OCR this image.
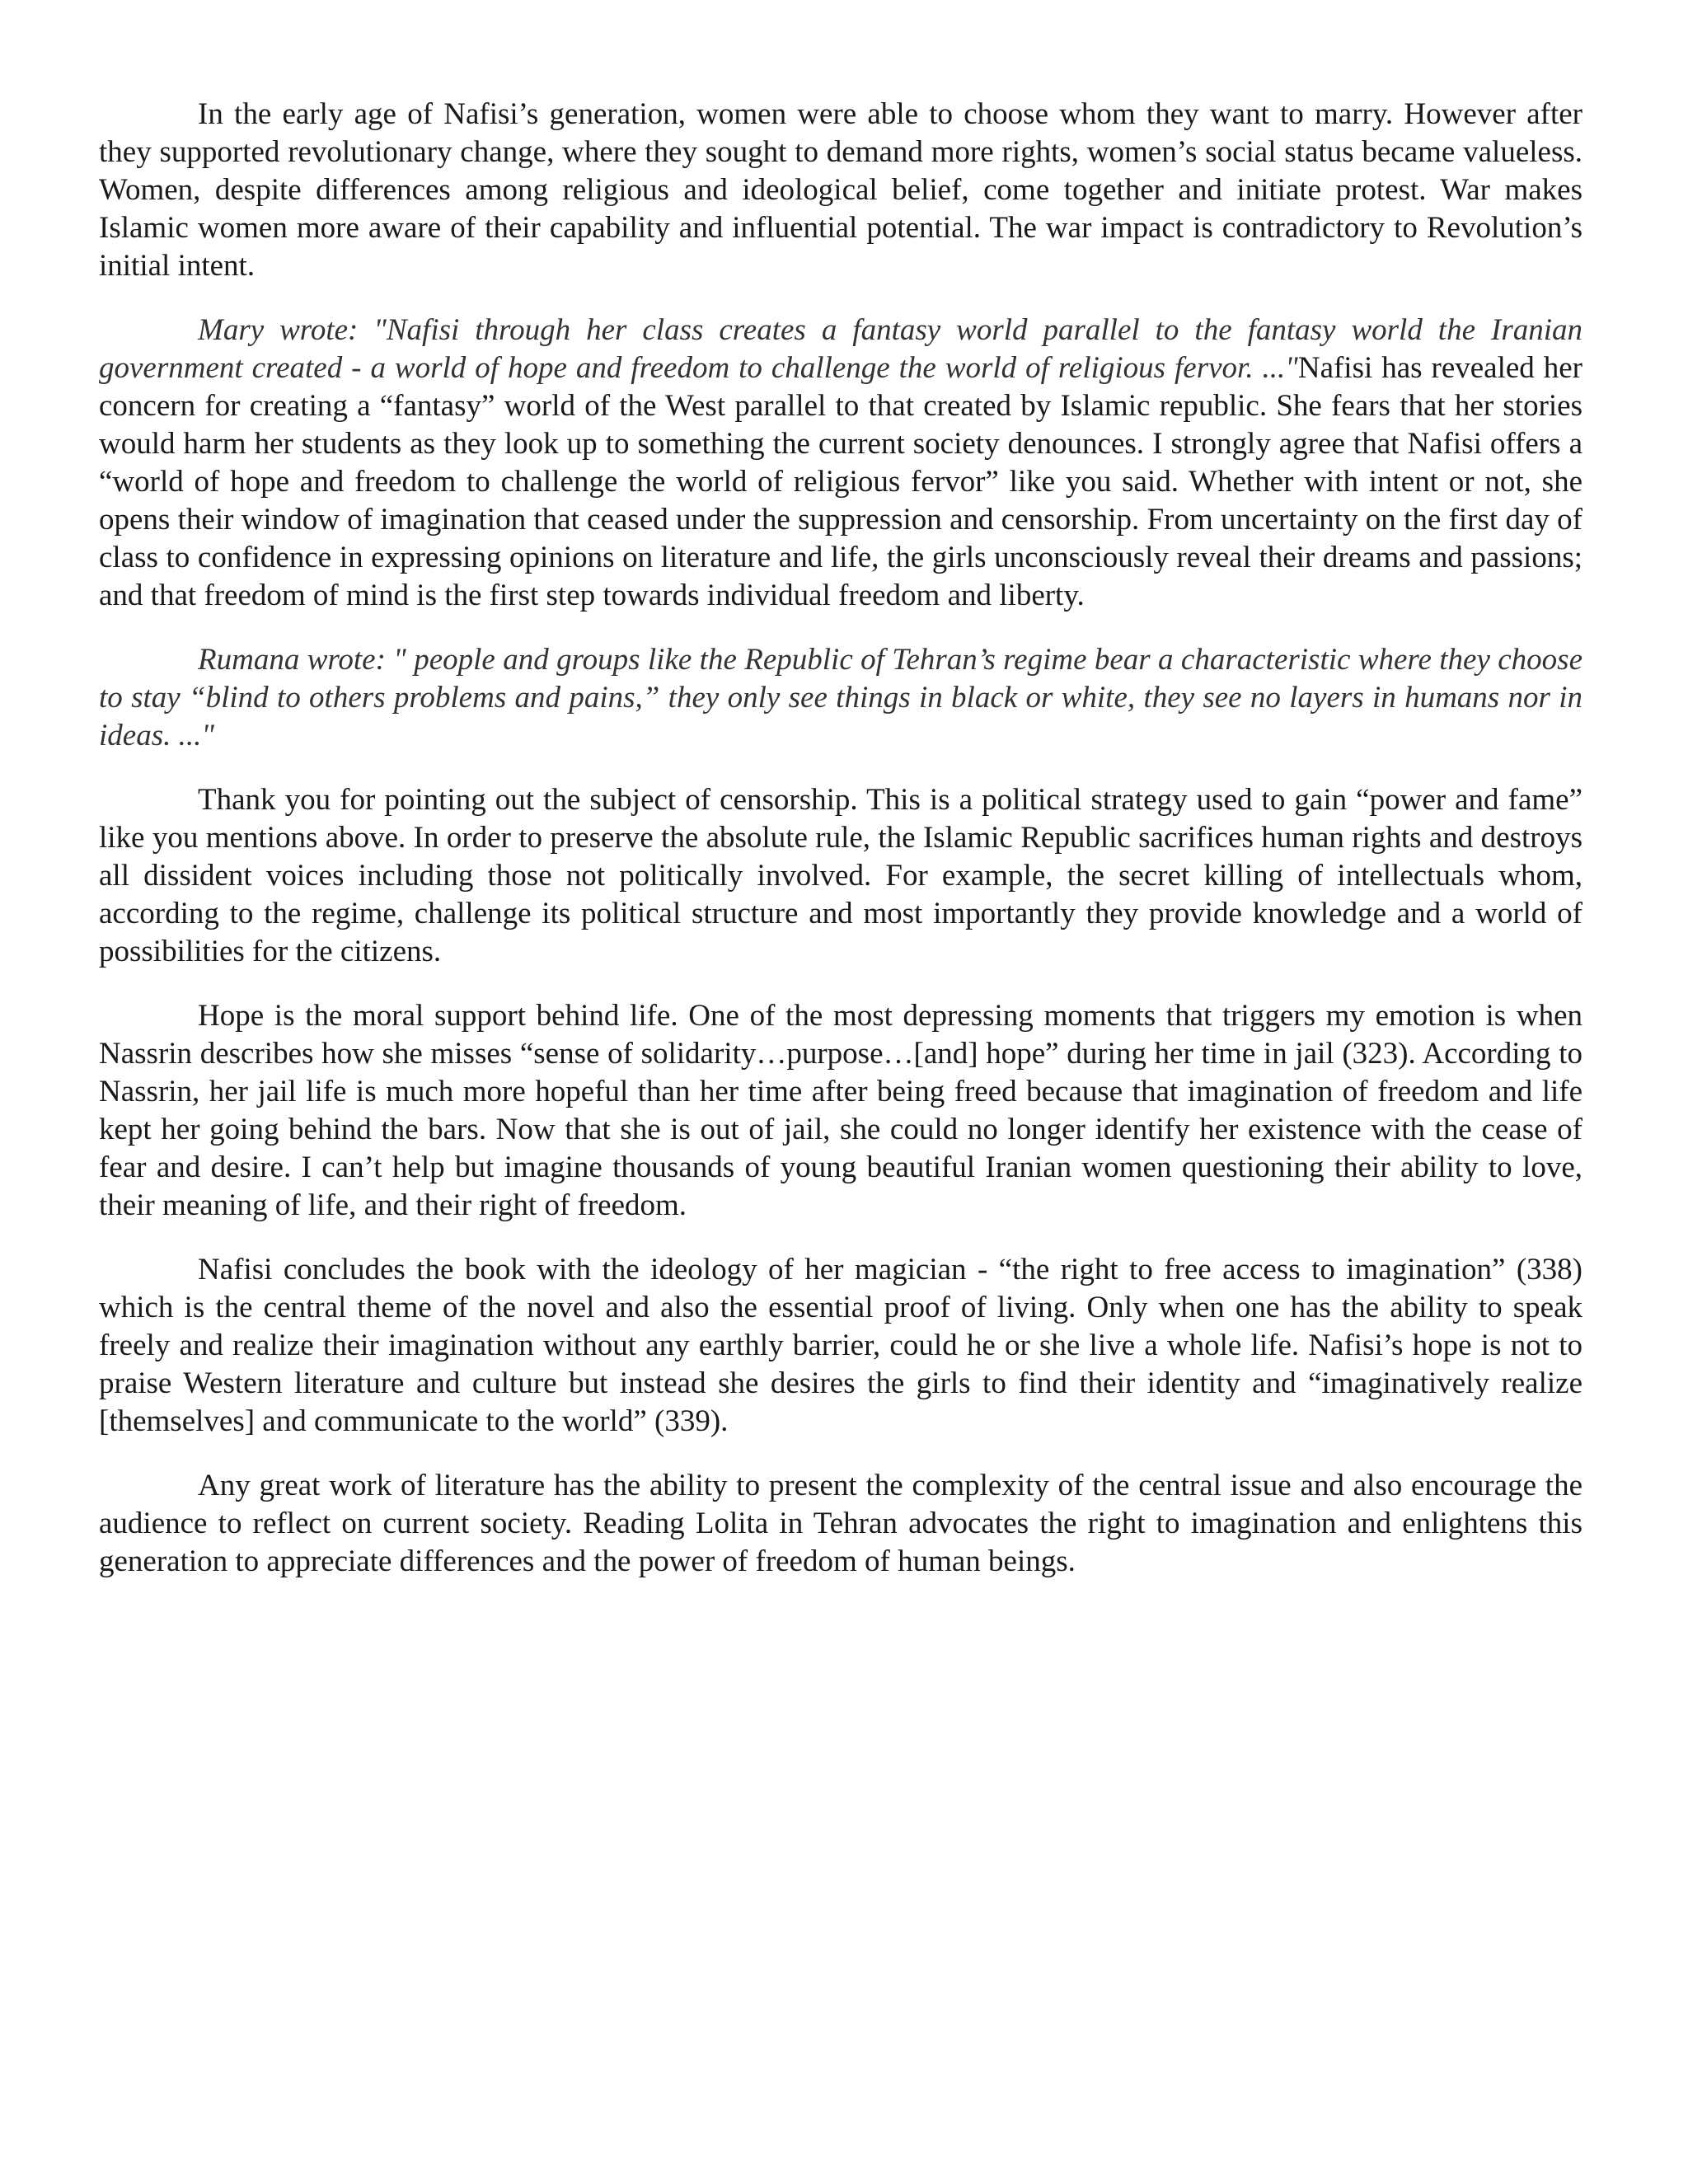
In the early age of Nafisi’s generation, women were able to choose whom they want to marry. However after they supported revolutionary change, where they sought to demand more rights, women’s social status became valueless. Women, despite differences among religious and ideological belief, come together and initiate protest. War makes Islamic women more aware of their capability and influential potential. The war impact is contradictory to Revolution’s initial intent.

Mary wrote: "Nafisi through her class creates a fantasy world parallel to the fantasy world the Iranian government created - a world of hope and freedom to challenge the world of religious fervor. ..."Nafisi has revealed her concern for creating a “fantasy” world of the West parallel to that created by Islamic republic. She fears that her stories would harm her students as they look up to something the current society denounces. I strongly agree that Nafisi offers a “world of hope and freedom to challenge the world of religious fervor” like you said. Whether with intent or not, she opens their window of imagination that ceased under the suppression and censorship. From uncertainty on the first day of class to confidence in expressing opinions on literature and life, the girls unconsciously reveal their dreams and passions; and that freedom of mind is the first step towards individual freedom and liberty.

Rumana wrote: " people and groups like the Republic of Tehran’s regime bear a characteristic where they choose to stay “blind to others problems and pains,” they only see things in black or white, they see no layers in humans nor in ideas. ..."

Thank you for pointing out the subject of censorship. This is a political strategy used to gain “power and fame” like you mentions above. In order to preserve the absolute rule, the Islamic Republic sacrifices human rights and destroys all dissident voices including those not politically involved. For example, the secret killing of intellectuals whom, according to the regime, challenge its political structure and most importantly they provide knowledge and a world of possibilities for the citizens.

Hope is the moral support behind life. One of the most depressing moments that triggers my emotion is when Nassrin describes how she misses “sense of solidarity…purpose…[and] hope” during her time in jail (323). According to Nassrin, her jail life is much more hopeful than her time after being freed because that imagination of freedom and life kept her going behind the bars. Now that she is out of jail, she could no longer identify her existence with the cease of fear and desire. I can’t help but imagine thousands of young beautiful Iranian women questioning their ability to love, their meaning of life, and their right of freedom.

Nafisi concludes the book with the ideology of her magician - “the right to free access to imagination” (338) which is the central theme of the novel and also the essential proof of living. Only when one has the ability to speak freely and realize their imagination without any earthly barrier, could he or she live a whole life. Nafisi’s hope is not to praise Western literature and culture but instead she desires the girls to find their identity and “imaginatively realize [themselves] and communicate to the world” (339).

Any great work of literature has the ability to present the complexity of the central issue and also encourage the audience to reflect on current society. Reading Lolita in Tehran advocates the right to imagination and enlightens this generation to appreciate differences and the power of freedom of human beings.
